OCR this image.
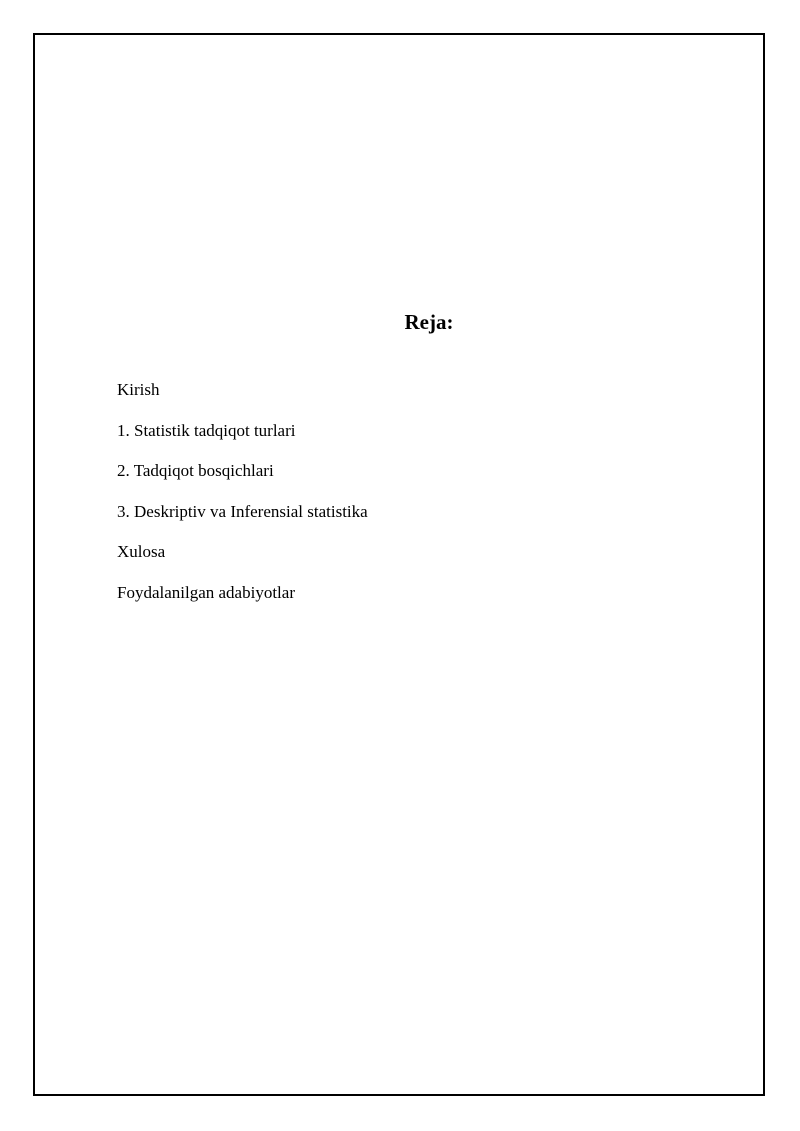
Reja:
Kirish
1. Statistik tadqiqot turlari
2. Tadqiqot bosqichlari
3. Deskriptiv va Inferensial statistika
Xulosa
Foydalanilgan adabiyotlar
